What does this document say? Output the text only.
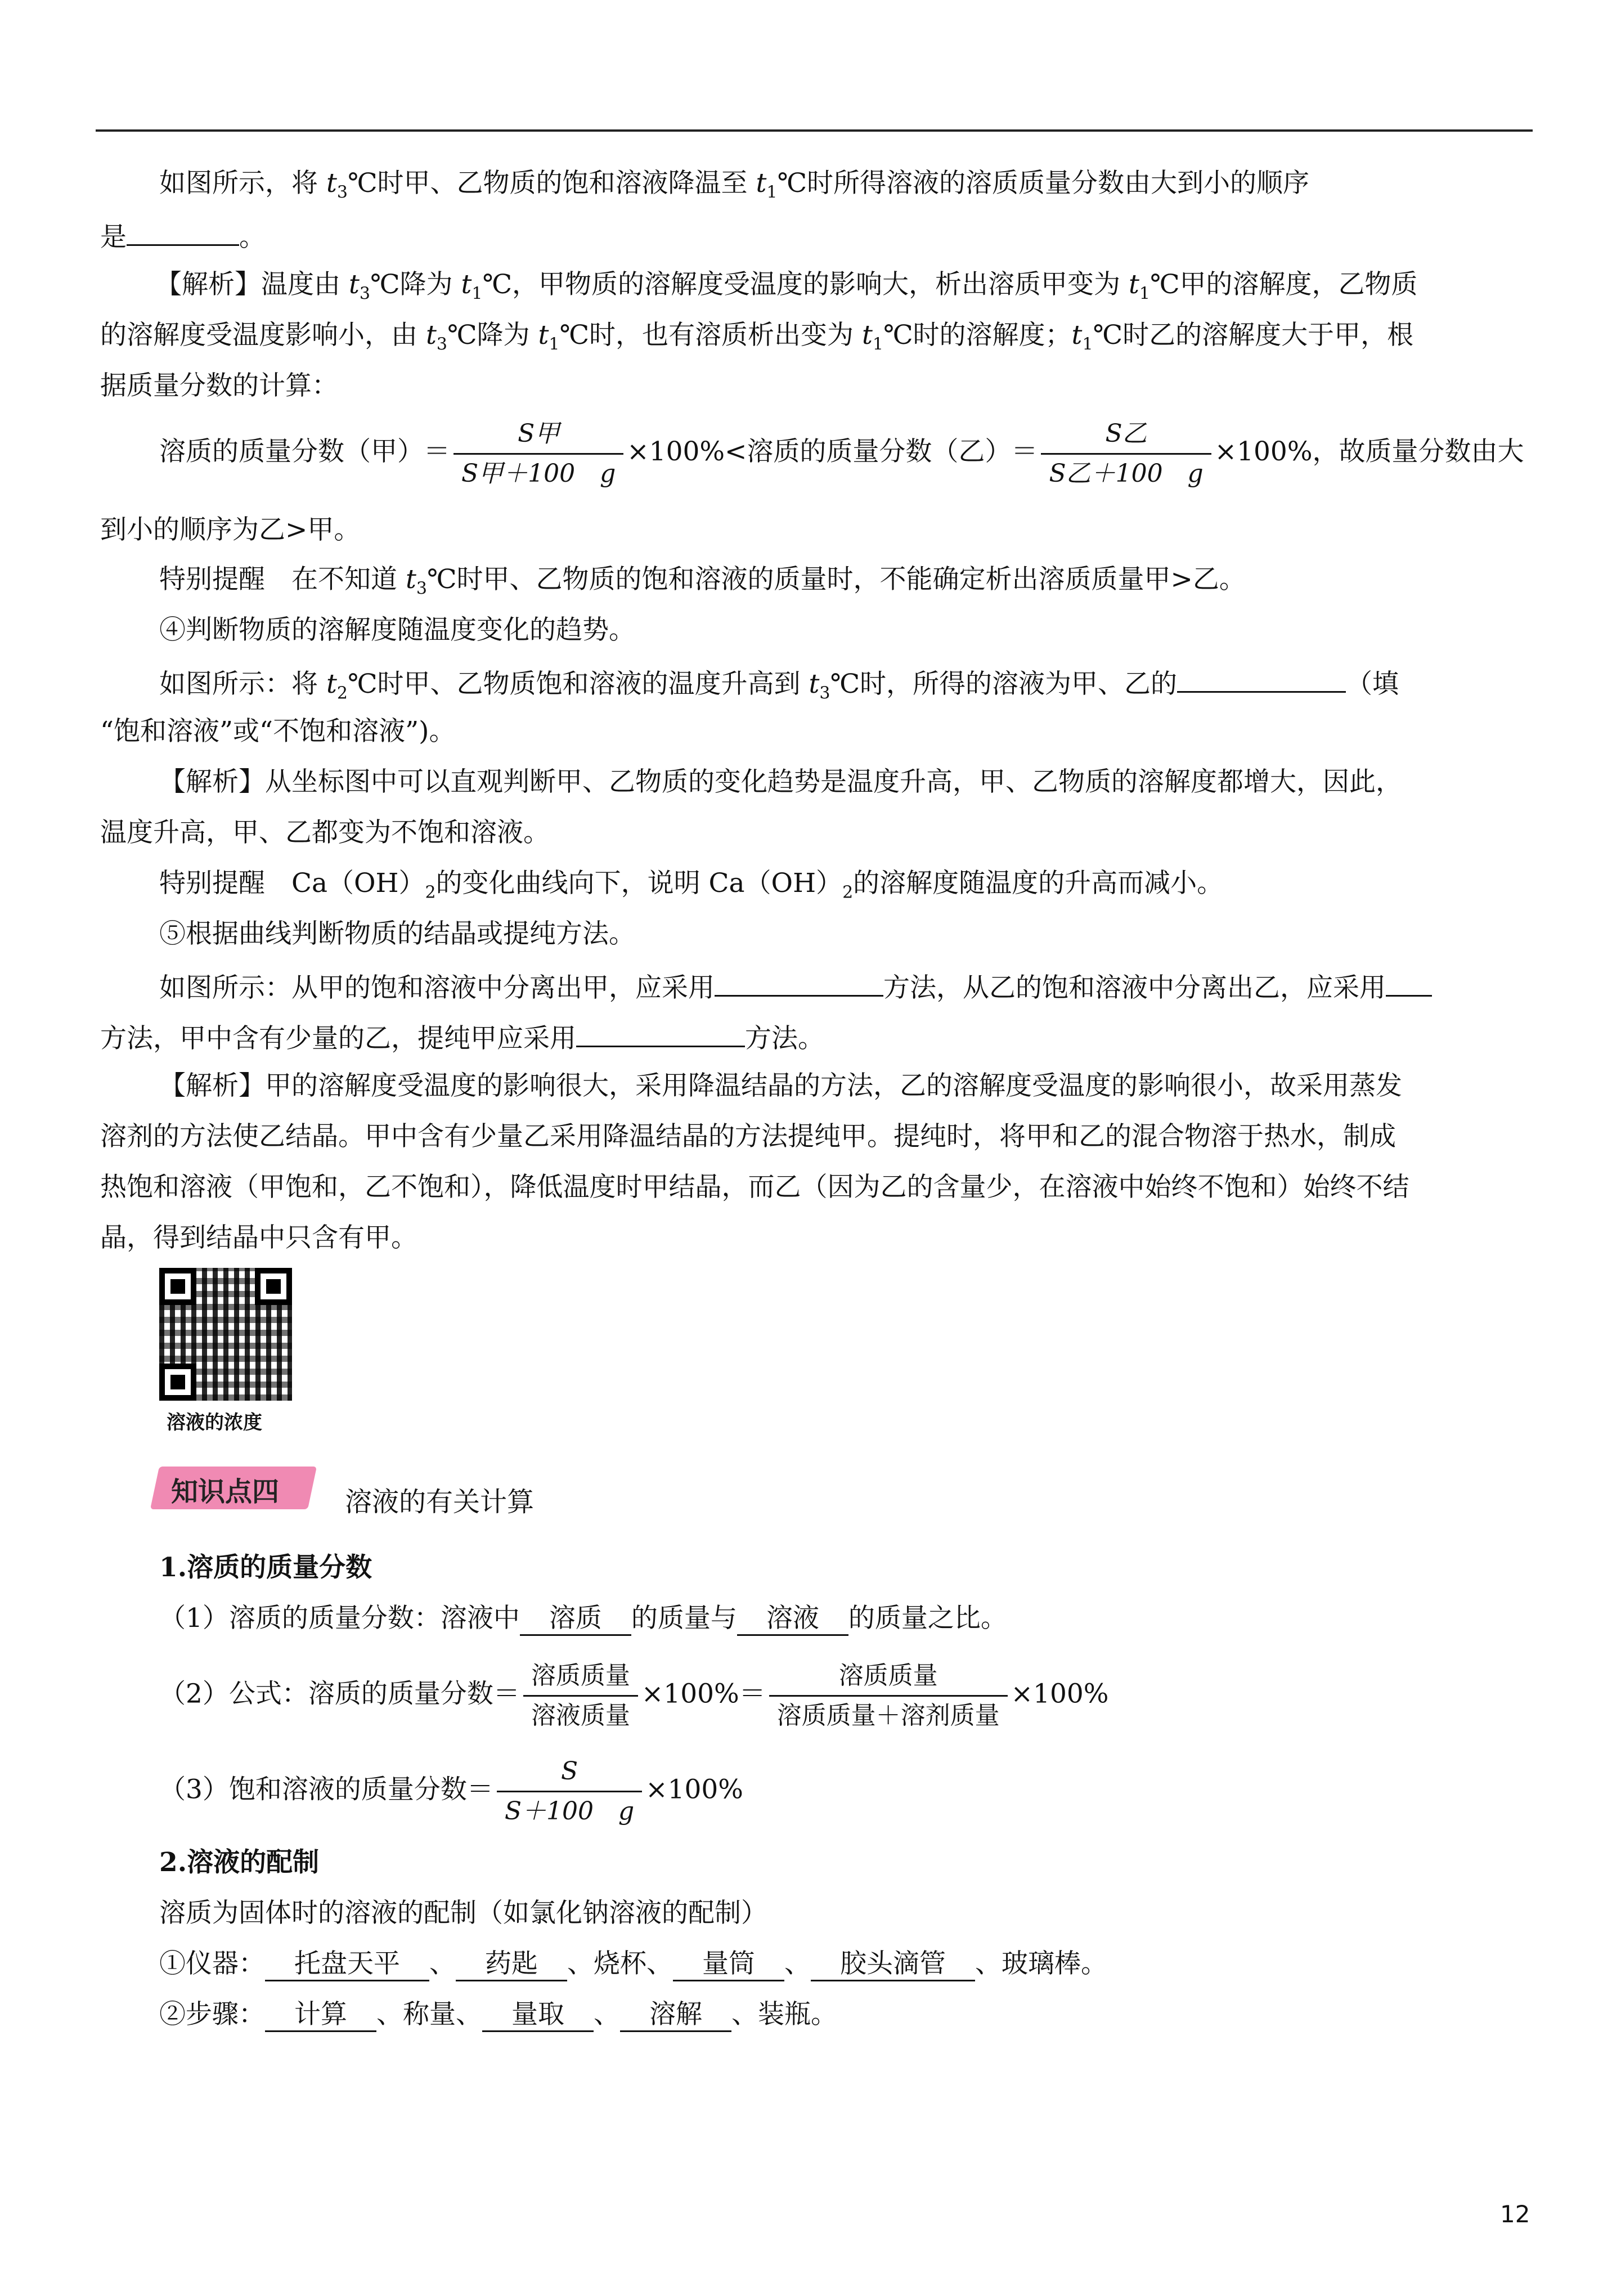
如图所示，将 $t_3℃$时甲、乙物质的饱和溶液降温至 $t_1℃$时所得溶液的溶质质量分数由大到小的顺序
是	。
【解析】温度由 $t_3℃$降为 $t_1℃$，甲物质的溶解度受温度的影响大，析出溶质甲变为 $t_1℃$甲的溶解度，乙物质
的溶解度受温度影响小，由 $t_3℃$降为 $t_1℃$时，也有溶质析出变为 $t_1℃$时的溶解度；$t_1℃$时乙的溶解度大于甲，根
据质量分数的计算：
溶质的质量分数（甲）＝ $\frac{\text{S甲}}{\text{S甲＋100　g}} \times 100\%<$溶质的质量分数（乙）＝ $\frac{\text{S乙}}{\text{S乙＋100　g}} \times 100\%$，故质量分数由大
到小的顺序为乙>甲。
特别提醒　在不知道 $t_3℃$时甲、乙物质的饱和溶液的质量时，不能确定析出溶质质量甲>乙。
④判断物质的溶解度随温度变化的趋势。
如图所示：将 $t_2℃$时甲、乙物质饱和溶液的温度升高到 $t_3℃$时，所得的溶液为甲、乙的	（填
“饱和溶液”或“不饱和溶液”)。
【解析】从坐标图中可以直观判断甲、乙物质的变化趋势是温度升高，甲、乙物质的溶解度都增大，因此，
温度升高，甲、乙都变为不饱和溶液。
特别提醒　$Ca(OH)_2$的变化曲线向下，说明 $Ca(OH)_2$的溶解度随温度的升高而减小。
⑤根据曲线判断物质的结晶或提纯方法。
如图所示：从甲的饱和溶液中分离出甲，应采用	方法，从乙的饱和溶液中分离出乙，应采用
方法，甲中含有少量的乙，提纯甲应采用	方法。
【解析】甲的溶解度受温度的影响很大，采用降温结晶的方法，乙的溶解度受温度的影响很小，故采用蒸发
溶剂的方法使乙结晶。甲中含有少量乙采用降温结晶的方法提纯甲。提纯时，将甲和乙的混合物溶于热水，制成
热饱和溶液（甲饱和，乙不饱和），降低温度时甲结晶，而乙（因为乙的含量少，在溶液中始终不饱和）始终不结
晶，得到结晶中只含有甲。
溶液的浓度
知识点四 溶液的有关计算
1.溶质的质量分数
（1）溶质的质量分数：溶液中 溶质 的质量与 溶液 的质量之比。
（2）公式：溶质的质量分数＝ $\frac{\text{溶质质量}}{\text{溶液质量}} \times 100\%= \frac{\text{溶质质量}}{\text{溶质质量＋溶剂质量}} \times 100\%$
（3）饱和溶液的质量分数＝ $\frac{S}{S+100 g} \times 100\%$
2.溶液的配制
溶质为固体时的溶液的配制（如氯化钠溶液的配制）
①仪器： 托盘天平 、 药匙 、烧杯、 量筒 、 胶头滴管 、玻璃棒。
②步骤： 计算 、称量、 量取 、 溶解 、装瓶。
12
